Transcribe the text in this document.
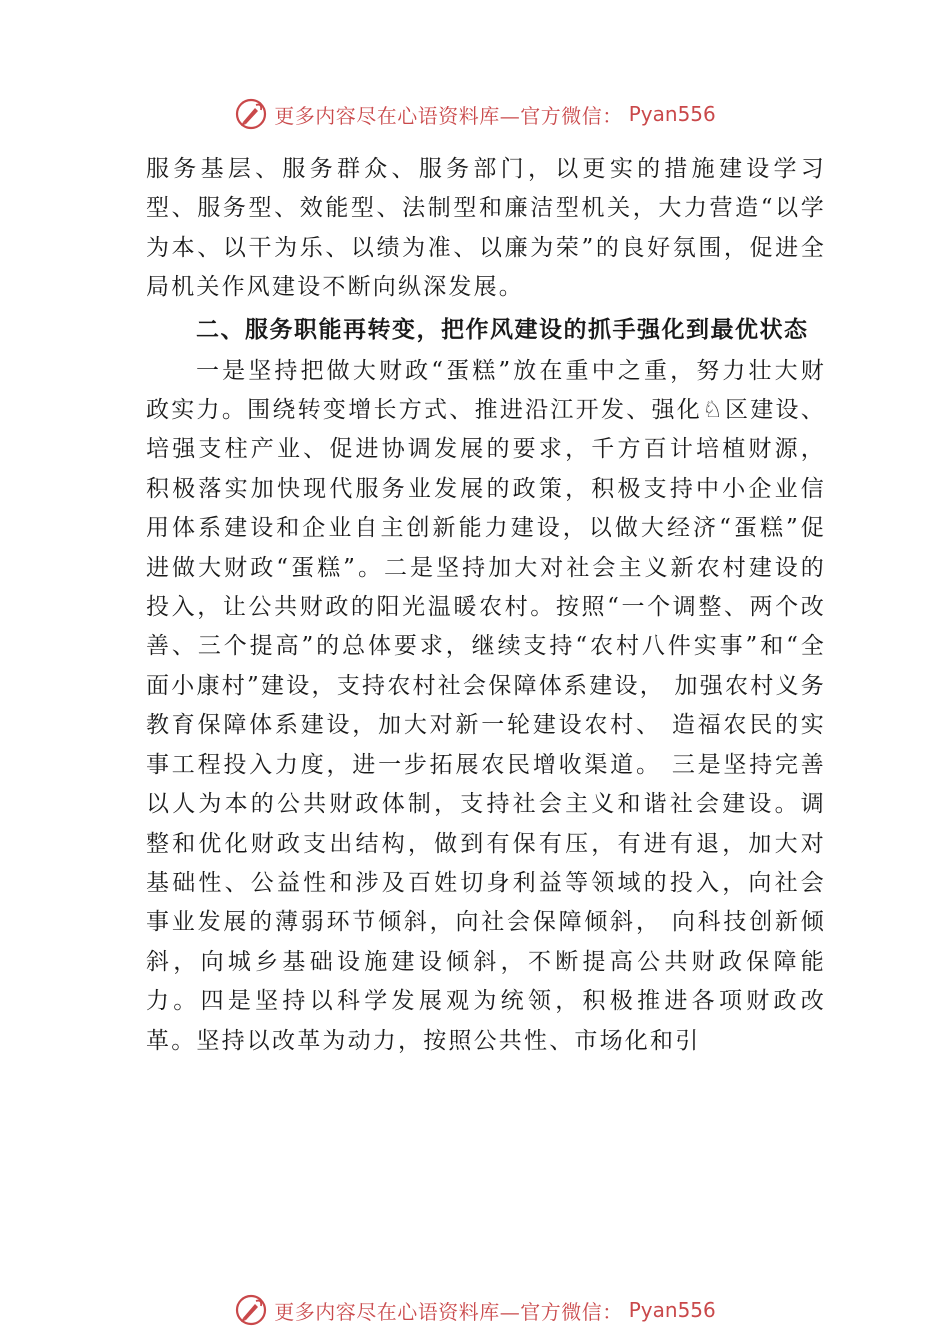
更多内容尽在心语资料库—官方微信： Pyan556

服务基层、服务群众、服务部门，以更实的措施建设学习型、服务型、效能型、法制型和廉洁型机关，大力营造“以学为本、以干为乐、以绩为准、以廉为荣”的良好氛围，促进全局机关作风建设不断向纵深发展。

二、服务职能再转变，把作风建设的抓手强化到最优状态

一是坚持把做大财政“蛋糕”放在重中之重，努力壮大财政实力。围绕转变增长方式、推进沿江开发、强化♘区建设、培强支柱产业、促进协调发展的要求，千方百计培植财源，积极落实加快现代服务业发展的政策，积极支持中小企业信用体系建设和企业自主创新能力建设，以做大经济“蛋糕”促进做大财政“蛋糕”。二是坚持加大对社会主义新农村建设的投入，让公共财政的阳光温暖农村。按照“一个调整、两个改善、三个提高”的总体要求，继续支持“农村八件实事”和“全面小康村”建设，支持农村社会保障体系建设， 加强农村义务教育保障体系建设，加大对新一轮建设农村、 造福农民的实事工程投入力度，进一步拓展农民增收渠道。 三是坚持完善以人为本的公共财政体制，支持社会主义和谐社会建设。调整和优化财政支出结构，做到有保有压，有进有退，加大对基础性、公益性和涉及百姓切身利益等领域的投入，向社会事业发展的薄弱环节倾斜，向社会保障倾斜， 向科技创新倾斜，向城乡基础设施建设倾斜，不断提高公共财政保障能力。四是坚持以科学发展观为统领，积极推进各项财政改革。坚持以改革为动力，按照公共性、市场化和引

更多内容尽在心语资料库—官方微信： Pyan556
